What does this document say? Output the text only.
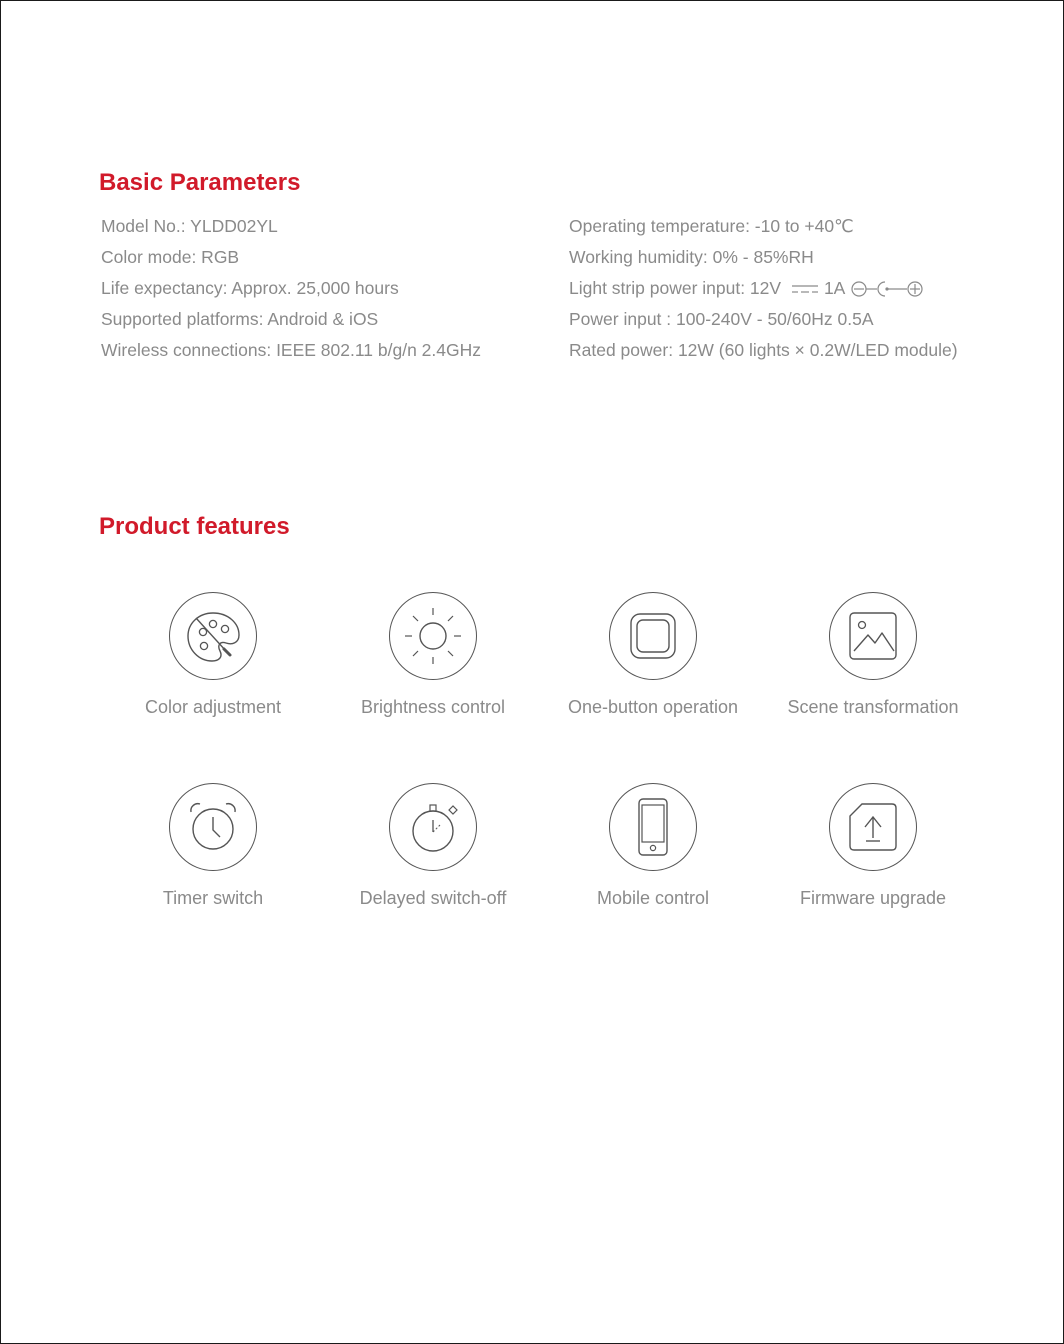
Basic Parameters
Model No.: YLDD02YL
Color mode: RGB
Life expectancy: Approx. 25,000 hours
Supported platforms: Android & iOS
Wireless connections: IEEE 802.11 b/g/n 2.4GHz
Operating temperature: -10 to +40℃
Working humidity: 0% - 85%RH
Light strip power input: 12V 1A
Power input : 100-240V - 50/60Hz 0.5A
Rated power: 12W (60 lights × 0.2W/LED module)
Product features
Color adjustment	Brightness control	One-button operation	Scene transformation
Timer switch	Delayed switch-off	Mobile control	Firmware upgrade
